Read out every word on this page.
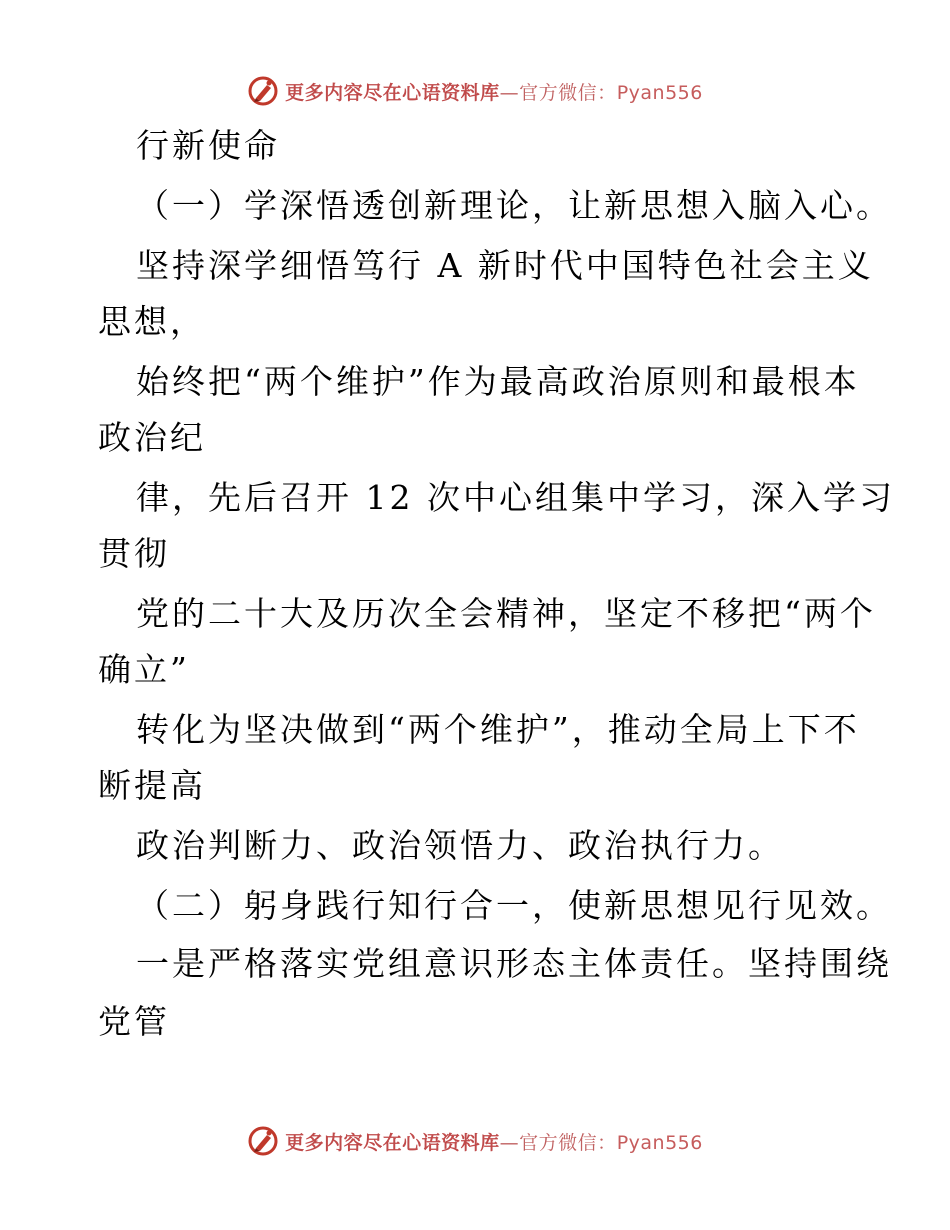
更多内容尽在心语资料库—官方微信：Pyan556
行新使命
（一）学深悟透创新理论，让新思想入脑入心。
坚持深学细悟笃行 A 新时代中国特色社会主义
思想，
始终把“两个维护”作为最高政治原则和最根本
政治纪
律，先后召开 12 次中心组集中学习，深入学习
贯彻
党的二十大及历次全会精神，坚定不移把“两个
确立”
转化为坚决做到“两个维护”，推动全局上下不
断提高
政治判断力、政治领悟力、政治执行力。
（二）躬身践行知行合一，使新思想见行见效。
一是严格落实党组意识形态主体责任。坚持围绕
党管
更多内容尽在心语资料库—官方微信：Pyan556
